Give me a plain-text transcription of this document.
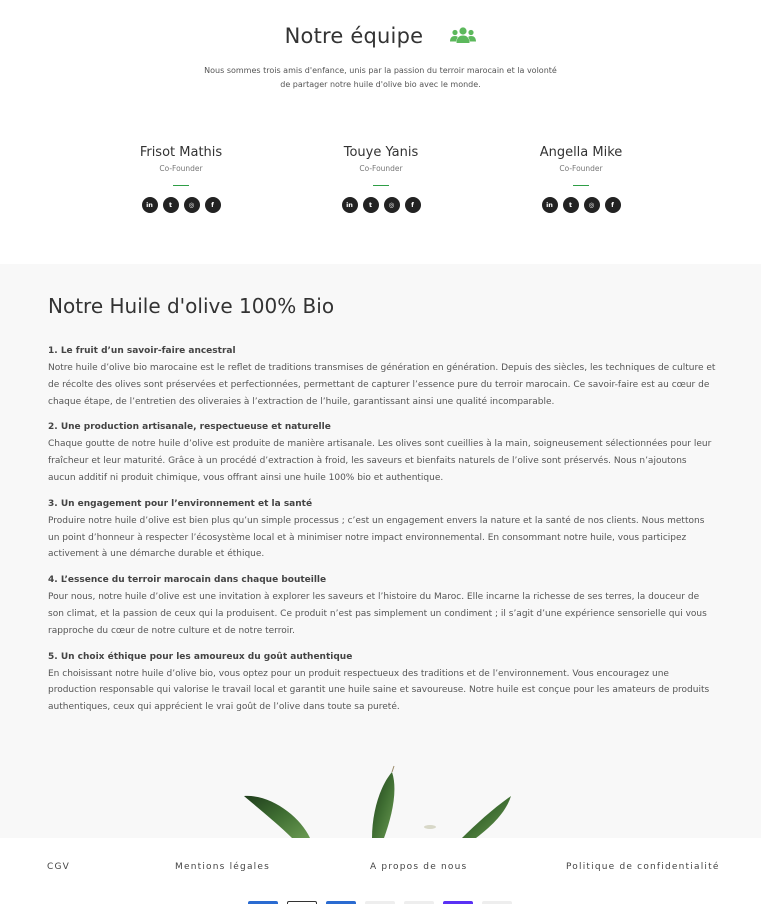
Notre équipe

Nous sommes trois amis d'enfance, unis par la passion du terroir marocain et la volonté de partager notre huile d'olive bio avec le monde.

Frisot Mathis
Co-Founder
in	t	◎	f
Touye Yanis
Co-Founder
in	t	◎	f
Angella Mike
Co-Founder
in	t	◎	f
Notre Huile d'olive 100% Bio
1. Le fruit d’un savoir-faire ancestral
Notre huile d’olive bio marocaine est le reflet de traditions transmises de génération en génération. Depuis des siècles, les techniques de culture et de récolte des olives sont préservées et perfectionnées, permettant de capturer l’essence pure du terroir marocain. Ce savoir-faire est au cœur de chaque étape, de l’entretien des oliveraies à l’extraction de l’huile, garantissant ainsi une qualité incomparable.
2. Une production artisanale, respectueuse et naturelle
Chaque goutte de notre huile d’olive est produite de manière artisanale. Les olives sont cueillies à la main, soigneusement sélectionnées pour leur fraîcheur et leur maturité. Grâce à un procédé d’extraction à froid, les saveurs et bienfaits naturels de l’olive sont préservés. Nous n’ajoutons aucun additif ni produit chimique, vous offrant ainsi une huile 100% bio et authentique.
3. Un engagement pour l’environnement et la santé
Produire notre huile d’olive est bien plus qu’un simple processus ; c’est un engagement envers la nature et la santé de nos clients. Nous mettons un point d’honneur à respecter l’écosystème local et à minimiser notre impact environnemental. En consommant notre huile, vous participez activement à une démarche durable et éthique.
4. L’essence du terroir marocain dans chaque bouteille
Pour nous, notre huile d’olive est une invitation à explorer les saveurs et l’histoire du Maroc. Elle incarne la richesse de ses terres, la douceur de son climat, et la passion de ceux qui la produisent. Ce produit n’est pas simplement un condiment ; il s’agit d’une expérience sensorielle qui vous rapproche du cœur de notre culture et de notre terroir.
5. Un choix éthique pour les amoureux du goût authentique
En choisissant notre huile d’olive bio, vous optez pour un produit respectueux des traditions et de l’environnement. Vous encouragez une production responsable qui valorise le travail local et garantit une huile saine et savoureuse. Notre huile est conçue pour les amateurs de produits authentiques, ceux qui apprécient le vrai goût de l’olive dans toute sa pureté.
CGV	Mentions légales	A propos de nous	Politique de confidentialité
